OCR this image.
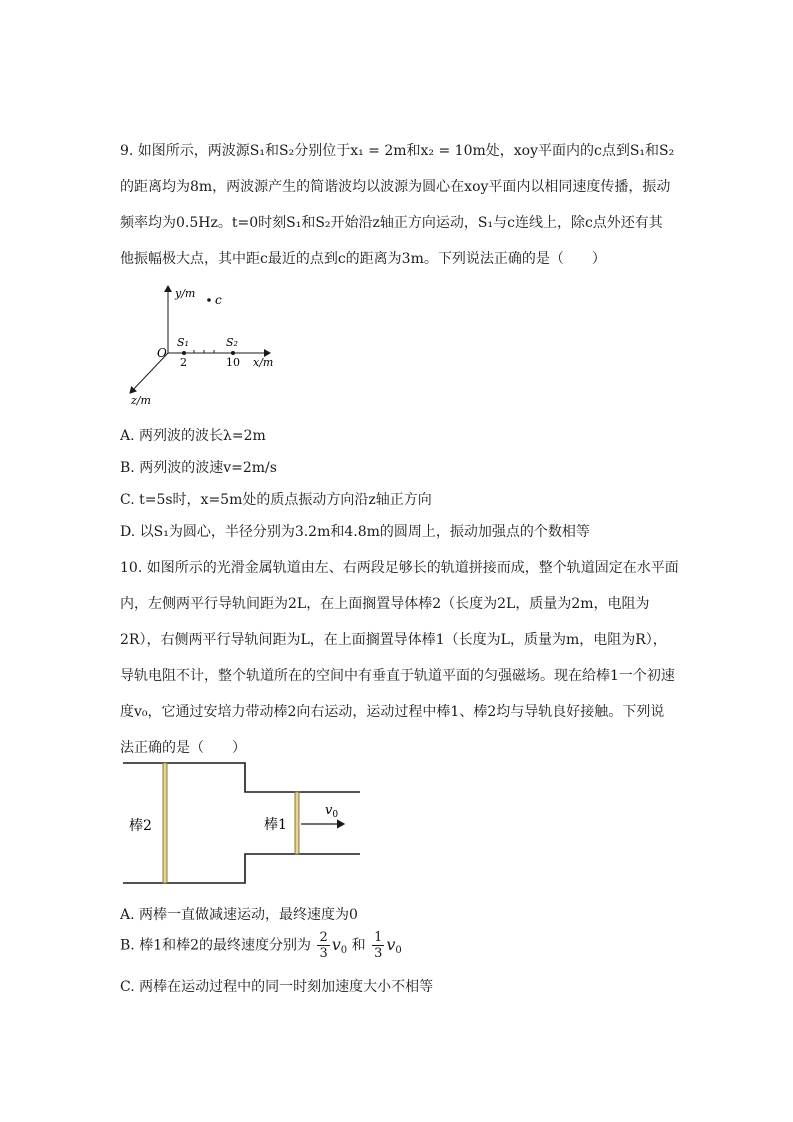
9. 如图所示，两波源S₁和S₂分别位于x₁ = 2m和x₂ = 10m处，xoy平面内的c点到S₁和S₂

的距离均为8m，两波源产生的简谐波均以波源为圆心在xoy平面内以相同速度传播，振动

频率均为0.5Hz。t=0时刻S₁和S₂开始沿z轴正方向运动，S₁与c连线上，除c点外还有其

他振幅极大点，其中距c最近的点到c的距离为3m。下列说法正确的是（　　）

y/m
x/m
z/m
O
c
S₁	S₂
2	10
A. 两列波的波长λ=2m
B. 两列波的波速v=2m/s
C. t=5s时，x=5m处的质点振动方向沿z轴正方向
D. 以S₁为圆心，半径分别为3.2m和4.8m的圆周上，振动加强点的个数相等

10. 如图所示的光滑金属轨道由左、右两段足够长的轨道拼接而成，整个轨道固定在水平面

内，左侧两平行导轨间距为2L，在上面搁置导体棒2（长度为2L，质量为2m，电阻为

2R），右侧两平行导轨间距为L，在上面搁置导体棒1（长度为L，质量为m，电阻为R），

导轨电阻不计，整个轨道所在的空间中有垂直于轨道平面的匀强磁场。现在给棒1一个初速

度v₀，它通过安培力带动棒2向右运动，运动过程中棒1、棒2均与导轨良好接触。下列说

法正确的是（　　）

棒2	棒1
$v_0$
A. 两棒一直做减速运动，最终速度为0
B. 棒1和棒2的最终速度分别为 $\frac{2}{3} v_0$ 和 $\frac{1}{3} v_0$
C. 两棒在运动过程中的同一时刻加速度大小不相等
